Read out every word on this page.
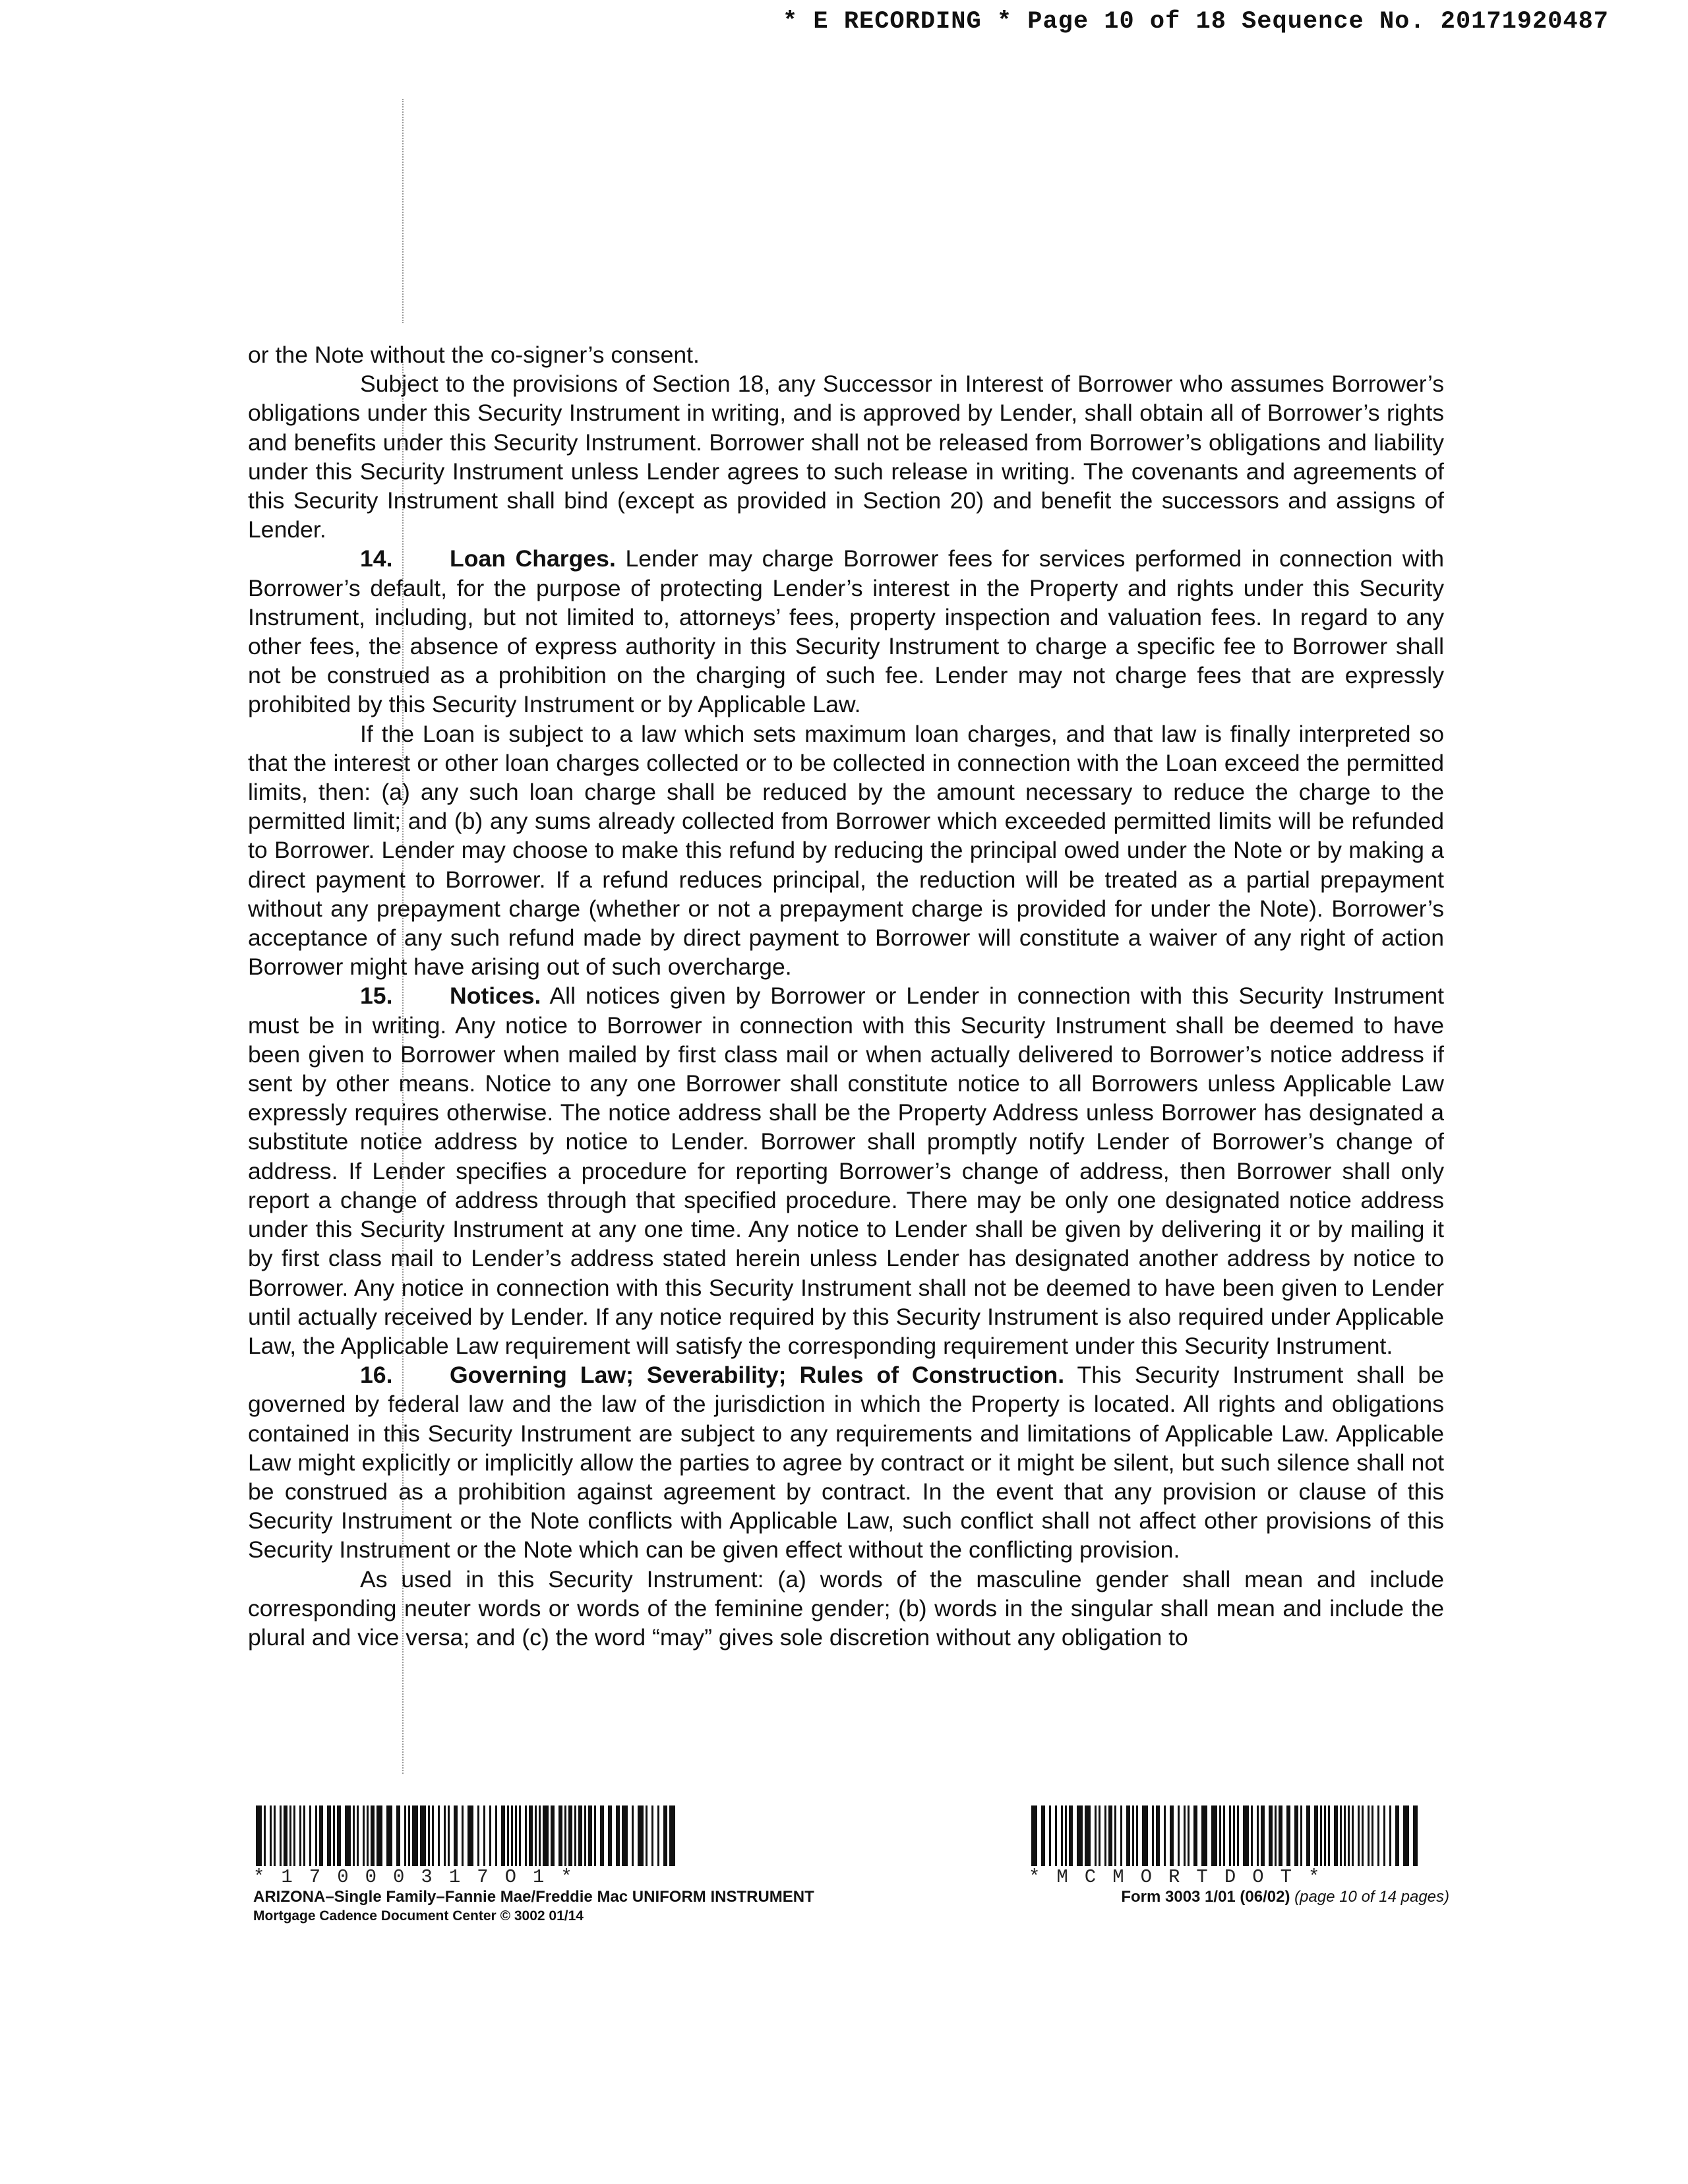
* E RECORDING * Page 10 of 18 Sequence No. 20171920487

or the Note without the co-signer’s consent.

Subject to the provisions of Section 18, any Successor in Interest of Borrower who assumes Borrower’s obligations under this Security Instrument in writing, and is approved by Lender, shall obtain all of Borrower’s rights and benefits under this Security Instrument. Borrower shall not be released from Borrower’s obligations and liability under this Security Instrument unless Lender agrees to such release in writing. The covenants and agreements of this Security Instrument shall bind (except as provided in Section 20) and benefit the successors and assigns of Lender.

14. Loan Charges. Lender may charge Borrower fees for services performed in connection with Borrower’s default, for the purpose of protecting Lender’s interest in the Property and rights under this Security Instrument, including, but not limited to, attorneys’ fees, property inspection and valuation fees. In regard to any other fees, the absence of express authority in this Security Instrument to charge a specific fee to Borrower shall not be construed as a prohibition on the charging of such fee. Lender may not charge fees that are expressly prohibited by this Security Instrument or by Applicable Law.

If the Loan is subject to a law which sets maximum loan charges, and that law is finally interpreted so that the interest or other loan charges collected or to be collected in connection with the Loan exceed the permitted limits, then: (a) any such loan charge shall be reduced by the amount necessary to reduce the charge to the permitted limit; and (b) any sums already collected from Borrower which exceeded permitted limits will be refunded to Borrower. Lender may choose to make this refund by reducing the principal owed under the Note or by making a direct payment to Borrower. If a refund reduces principal, the reduction will be treated as a partial prepayment without any prepayment charge (whether or not a prepayment charge is provided for under the Note). Borrower’s acceptance of any such refund made by direct payment to Borrower will constitute a waiver of any right of action Borrower might have arising out of such overcharge.

15. Notices. All notices given by Borrower or Lender in connection with this Security Instrument must be in writing. Any notice to Borrower in connection with this Security Instrument shall be deemed to have been given to Borrower when mailed by first class mail or when actually delivered to Borrower’s notice address if sent by other means. Notice to any one Borrower shall constitute notice to all Borrowers unless Applicable Law expressly requires otherwise. The notice address shall be the Property Address unless Borrower has designated a substitute notice address by notice to Lender. Borrower shall promptly notify Lender of Borrower’s change of address. If Lender specifies a procedure for reporting Borrower’s change of address, then Borrower shall only report a change of address through that specified procedure. There may be only one designated notice address under this Security Instrument at any one time. Any notice to Lender shall be given by delivering it or by mailing it by first class mail to Lender’s address stated herein unless Lender has designated another address by notice to Borrower. Any notice in connection with this Security Instrument shall not be deemed to have been given to Lender until actually received by Lender. If any notice required by this Security Instrument is also required under Applicable Law, the Applicable Law requirement will satisfy the corresponding requirement under this Security Instrument.

16. Governing Law; Severability; Rules of Construction. This Security Instrument shall be governed by federal law and the law of the jurisdiction in which the Property is located. All rights and obligations contained in this Security Instrument are subject to any requirements and limitations of Applicable Law. Applicable Law might explicitly or implicitly allow the parties to agree by contract or it might be silent, but such silence shall not be construed as a prohibition against agreement by contract. In the event that any provision or clause of this Security Instrument or the Note conflicts with Applicable Law, such conflict shall not affect other provisions of this Security Instrument or the Note which can be given effect without the conflicting provision.

As used in this Security Instrument: (a) words of the masculine gender shall mean and include corresponding neuter words or words of the feminine gender; (b) words in the singular shall mean and include the plural and vice versa; and (c) the word “may” gives sole discretion without any obligation to

*17000317O1*
ARIZONA–Single Family–Fannie Mae/Freddie Mac UNIFORM INSTRUMENT
Mortgage Cadence Document Center © 3002 01/14
*MCMORTDOT*
Form 3003 1/01 (06/02) (page 10 of 14 pages)
